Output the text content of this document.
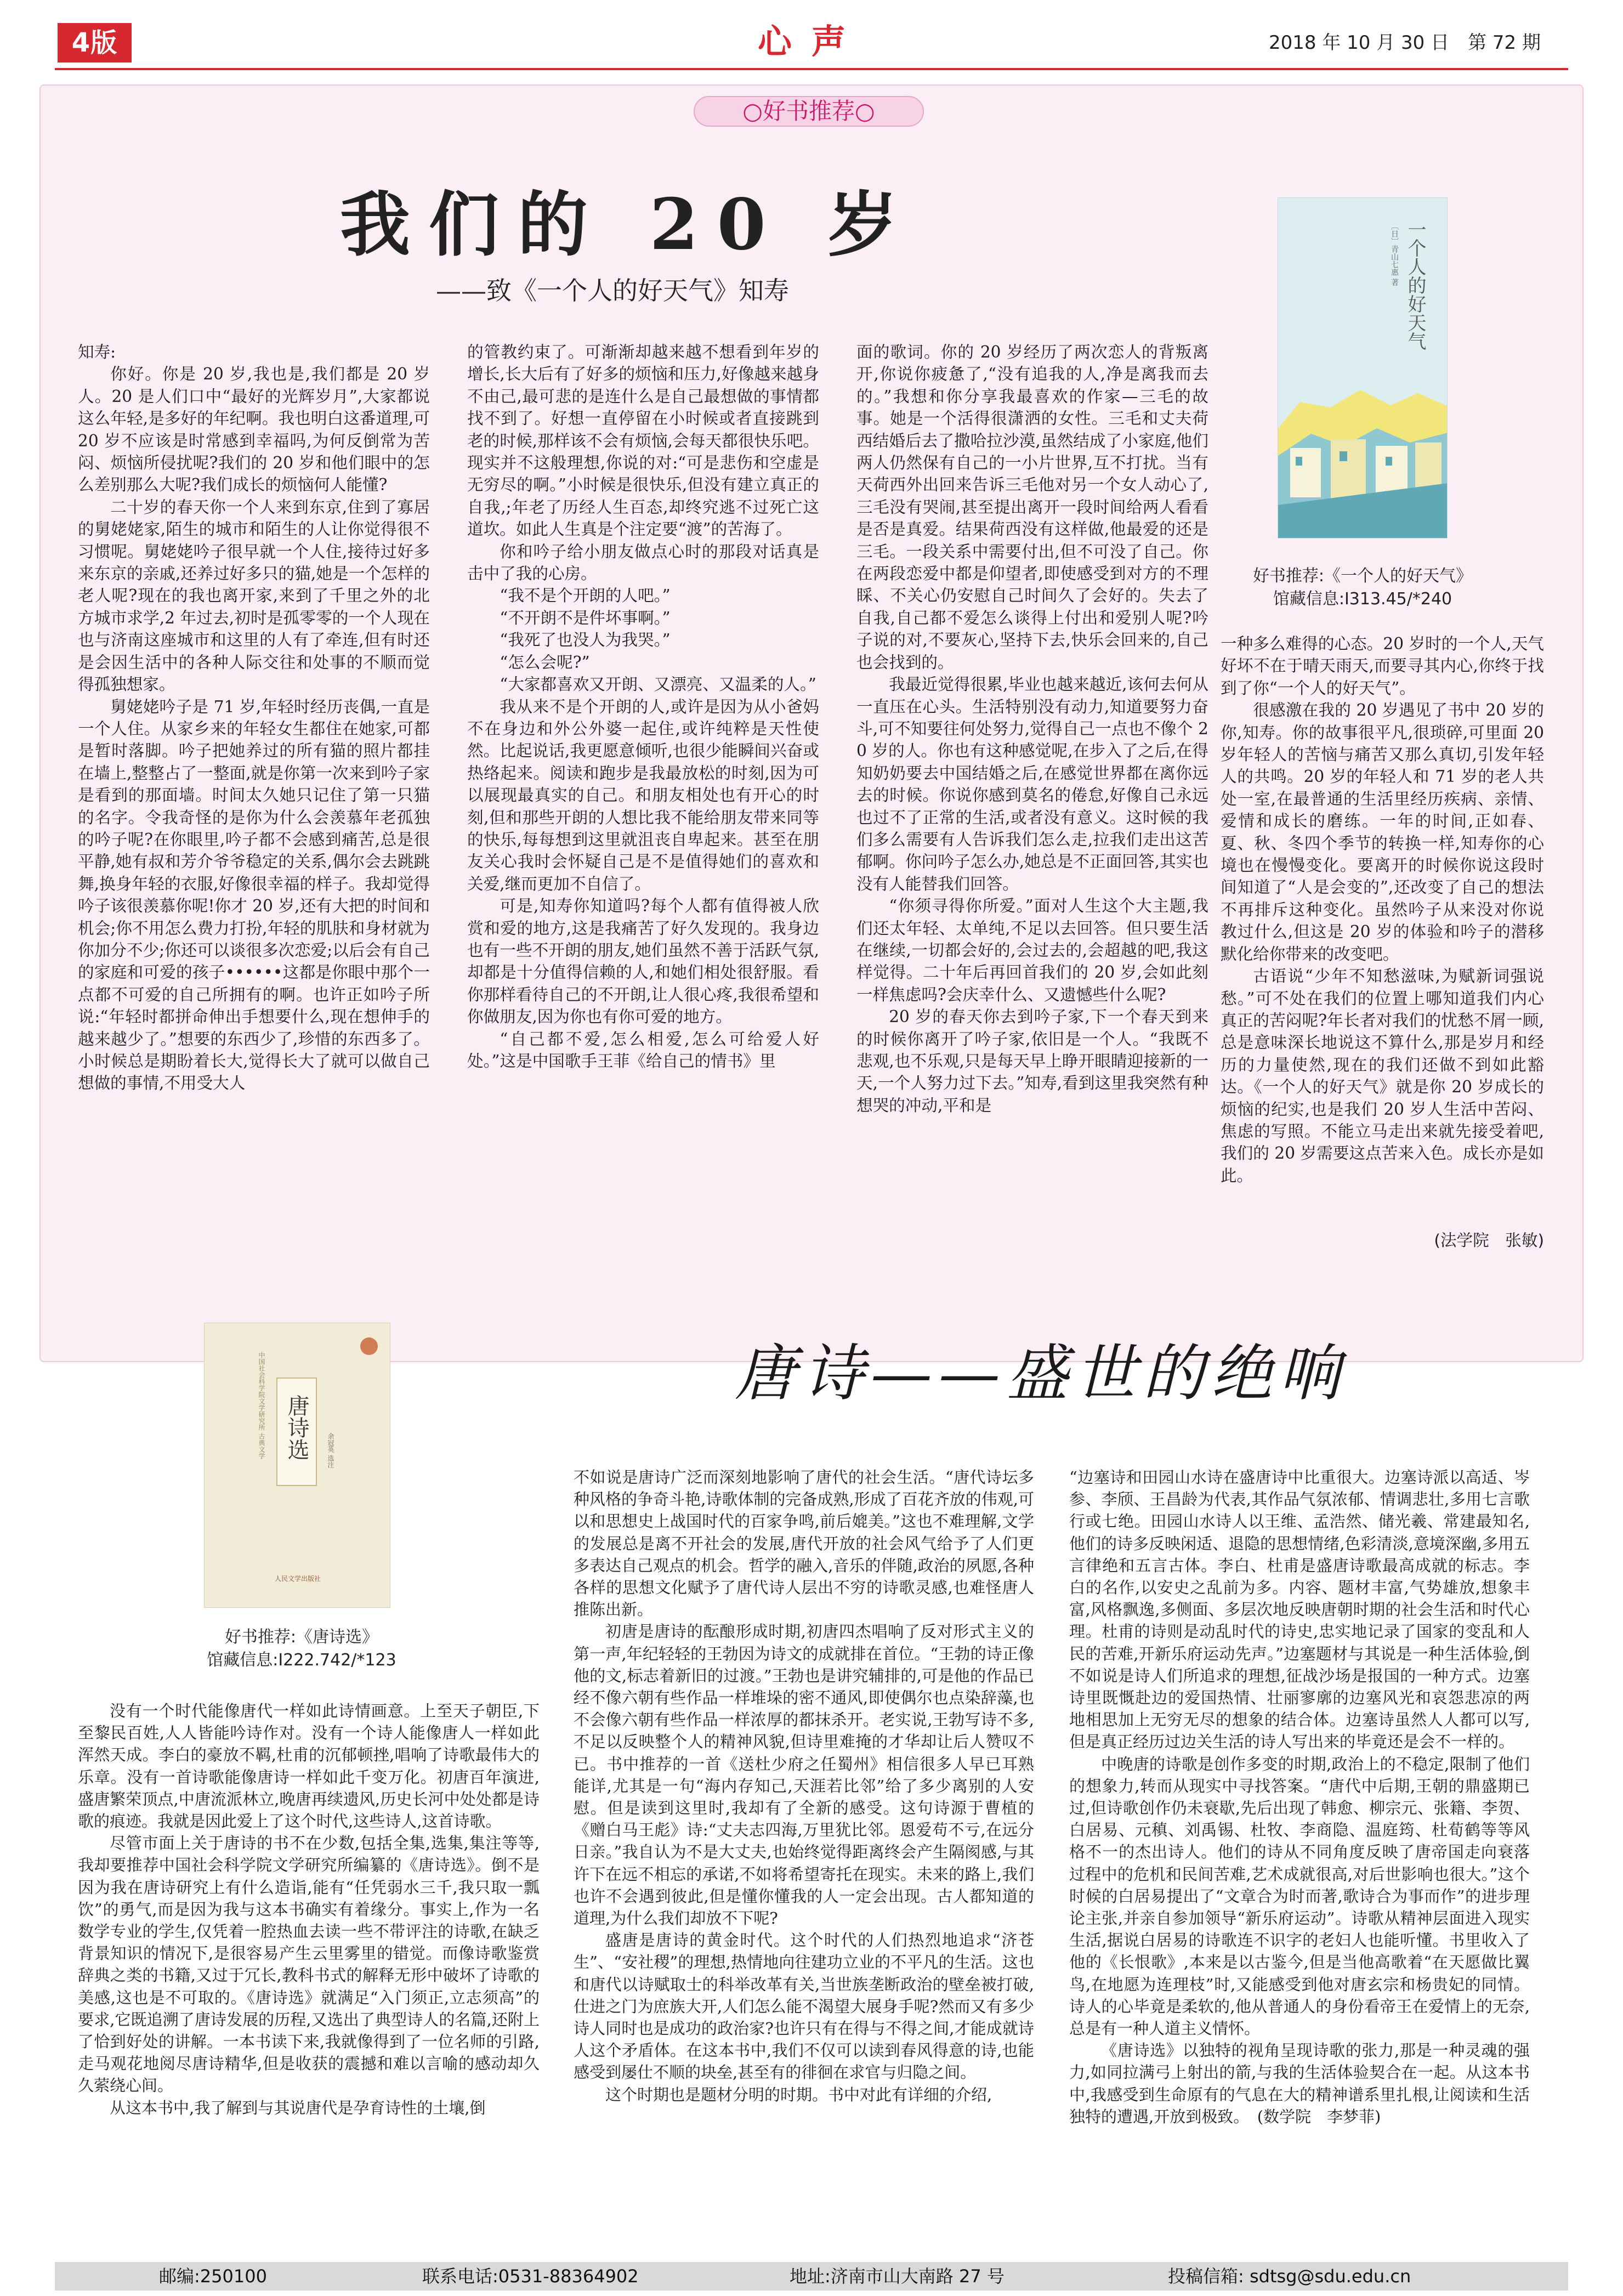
4版	心声	2018 年 10 月 30 日　第 72 期
○好书推荐○
我们的 20 岁
——致《一个人的好天气》知寿

知寿:

你好。你是 20 岁,我也是,我们都是 20 岁人。20 是人们口中“最好的光辉岁月”,大家都说这么年轻,是多好的年纪啊。我也明白这番道理,可 20 岁不应该是时常感到幸福吗,为何反倒常为苦闷、烦恼所侵扰呢?我们的 20 岁和他们眼中的怎么差别那么大呢?我们成长的烦恼何人能懂?

二十岁的春天你一个人来到东京,住到了寡居的舅姥姥家,陌生的城市和陌生的人让你觉得很不习惯呢。舅姥姥吟子很早就一个人住,接待过好多来东京的亲戚,还养过好多只的猫,她是一个怎样的老人呢?现在的我也离开家,来到了千里之外的北方城市求学,2 年过去,初时是孤零零的一个人现在也与济南这座城市和这里的人有了牵连,但有时还是会因生活中的各种人际交往和处事的不顺而觉得孤独想家。

舅姥姥吟子是 71 岁,年轻时经历丧偶,一直是一个人住。从家乡来的年轻女生都住在她家,可都是暂时落脚。吟子把她养过的所有猫的照片都挂在墙上,整整占了一整面,就是你第一次来到吟子家是看到的那面墙。时间太久她只记住了第一只猫的名字。令我奇怪的是你为什么会羡慕年老孤独的吟子呢?在你眼里,吟子都不会感到痛苦,总是很平静,她有叔和芳介爷爷稳定的关系,偶尔会去跳跳舞,换身年轻的衣服,好像很幸福的样子。我却觉得吟子该很羡慕你呢!你才 20 岁,还有大把的时间和机会;你不用怎么费力打扮,年轻的肌肤和身材就为你加分不少;你还可以谈很多次恋爱;以后会有自己的家庭和可爱的孩子••••••这都是你眼中那个一点都不可爱的自己所拥有的啊。也许正如吟子所说:“年轻时都拼命伸出手想要什么,现在想伸手的越来越少了。”想要的东西少了,珍惜的东西多了。小时候总是期盼着长大,觉得长大了就可以做自己想做的事情,不用受大人

的管教约束了。可渐渐却越来越不想看到年岁的增长,长大后有了好多的烦恼和压力,好像越来越身不由己,最可悲的是连什么是自己最想做的事情都找不到了。好想一直停留在小时候或者直接跳到老的时候,那样该不会有烦恼,会每天都很快乐吧。现实并不这般理想,你说的对:“可是悲伤和空虚是无穷尽的啊。”小时候是很快乐,但没有建立真正的自我,;年老了历经人生百态,却终究逃不过死亡这道坎。如此人生真是个注定要“渡”的苦海了。

你和吟子给小朋友做点心时的那段对话真是击中了我的心房。

“我不是个开朗的人吧。”

“不开朗不是件坏事啊。”

“我死了也没人为我哭。”

“怎么会呢?”

“大家都喜欢又开朗、又漂亮、又温柔的人。”

我从来不是个开朗的人,或许是因为从小爸妈不在身边和外公外婆一起住,或许纯粹是天性使然。比起说话,我更愿意倾听,也很少能瞬间兴奋或热络起来。阅读和跑步是我最放松的时刻,因为可以展现最真实的自己。和朋友相处也有开心的时刻,但和那些开朗的人想比我不能给朋友带来同等的快乐,每每想到这里就沮丧自卑起来。甚至在朋友关心我时会怀疑自己是不是值得她们的喜欢和关爱,继而更加不自信了。

可是,知寿你知道吗?每个人都有值得被人欣赏和爱的地方,这是我痛苦了好久发现的。我身边也有一些不开朗的朋友,她们虽然不善于活跃气氛,却都是十分值得信赖的人,和她们相处很舒服。看你那样看待自己的不开朗,让人很心疼,我很希望和你做朋友,因为你也有你可爱的地方。

“自己都不爱,怎么相爱,怎么可给爱人好处。”这是中国歌手王菲《给自己的情书》里

面的歌词。你的 20 岁经历了两次恋人的背叛离开,你说你疲惫了,“没有追我的人,净是离我而去的。”我想和你分享我最喜欢的作家—三毛的故事。她是一个活得很潇洒的女性。三毛和丈夫荷西结婚后去了撒哈拉沙漠,虽然结成了小家庭,他们两人仍然保有自己的一小片世界,互不打扰。当有天荷西外出回来告诉三毛他对另一个女人动心了,三毛没有哭闹,甚至提出离开一段时间给两人看看是否是真爱。结果荷西没有这样做,他最爱的还是三毛。一段关系中需要付出,但不可没了自己。你在两段恋爱中都是仰望者,即使感受到对方的不理睬、不关心仍安慰自己时间久了会好的。失去了自我,自己都不爱怎么谈得上付出和爱别人呢?吟子说的对,不要灰心,坚持下去,快乐会回来的,自己也会找到的。

我最近觉得很累,毕业也越来越近,该何去何从一直压在心头。生活特别没有动力,知道要努力奋斗,可不知要往何处努力,觉得自己一点也不像个 20 岁的人。你也有这种感觉呢,在步入了之后,在得知奶奶要去中国结婚之后,在感觉世界都在离你远去的时候。你说你感到莫名的倦怠,好像自己永远也过不了正常的生活,或者没有意义。这时候的我们多么需要有人告诉我们怎么走,拉我们走出这苦郁啊。你问吟子怎么办,她总是不正面回答,其实也没有人能替我们回答。

“你须寻得你所爱。”面对人生这个大主题,我们还太年轻、太单纯,不足以去回答。但只要生活在继续,一切都会好的,会过去的,会超越的吧,我这样觉得。二十年后再回首我们的 20 岁,会如此刻一样焦虑吗?会庆幸什么、又遗憾些什么呢?

20 岁的春天你去到吟子家,下一个春天到来的时候你离开了吟子家,依旧是一个人。“我既不悲观,也不乐观,只是每天早上睁开眼睛迎接新的一天,一个人努力过下去。”知寿,看到这里我突然有种想哭的冲动,平和是

一种多么难得的心态。20 岁时的一个人,天气好坏不在于晴天雨天,而要寻其内心,你终于找到了你“一个人的好天气”。

很感激在我的 20 岁遇见了书中 20 岁的你,知寿。你的故事很平凡,很琐碎,可里面 20 岁年轻人的苦恼与痛苦又那么真切,引发年轻人的共鸣。20 岁的年轻人和 71 岁的老人共处一室,在最普通的生活里经历疾病、亲情、爱情和成长的磨练。一年的时间,正如春、夏、秋、冬四个季节的转换一样,知寿你的心境也在慢慢变化。要离开的时候你说这段时间知道了“人是会变的”,还改变了自己的想法不再排斥这种变化。虽然吟子从来没对你说教过什么,但这是 20 岁的体验和吟子的潜移默化给你带来的改变吧。

古语说“少年不知愁滋味,为赋新词强说愁。”可不处在我们的位置上哪知道我们内心真正的苦闷呢?年长者对我们的忧愁不屑一顾,总是意味深长地说这不算什么,那是岁月和经历的力量使然,现在的我们还做不到如此豁达。《一个人的好天气》就是你 20 岁成长的烦恼的纪实,也是我们 20 岁人生活中苦闷、焦虑的写照。不能立马走出来就先接受着吧,我们的 20 岁需要这点苦来入色。成长亦是如此。

(法学院　张敏)
一个人的好天气
〔日〕青山七惠 著
好书推荐:《一个人的好天气》
馆藏信息:I313.45/*240
唐诗选
中国社会科学院文学研究所 古典文学	余冠英 选注
人民文学出版社
好书推荐:《唐诗选》
馆藏信息:I222.742/*123
唐诗——盛世的绝响

没有一个时代能像唐代一样如此诗情画意。上至天子朝臣,下至黎民百姓,人人皆能吟诗作对。没有一个诗人能像唐人一样如此浑然天成。李白的豪放不羁,杜甫的沉郁顿挫,唱响了诗歌最伟大的乐章。没有一首诗歌能像唐诗一样如此千变万化。初唐百年演进,盛唐繁荣顶点,中唐流派林立,晚唐再续遗风,历史长河中处处都是诗歌的痕迹。我就是因此爱上了这个时代,这些诗人,这首诗歌。

尽管市面上关于唐诗的书不在少数,包括全集,选集,集注等等,我却要推荐中国社会科学院文学研究所编纂的《唐诗选》。倒不是因为我在唐诗研究上有什么造诣,能有“任凭弱水三千,我只取一瓢饮”的勇气,而是因为我与这本书确实有着缘分。事实上,作为一名数学专业的学生,仅凭着一腔热血去读一些不带评注的诗歌,在缺乏背景知识的情况下,是很容易产生云里雾里的错觉。而像诗歌鉴赏辞典之类的书籍,又过于冗长,教科书式的解释无形中破坏了诗歌的美感,这也是不可取的。《唐诗选》就满足“入门须正,立志须高”的要求,它既追溯了唐诗发展的历程,又选出了典型诗人的名篇,还附上了恰到好处的讲解。一本书读下来,我就像得到了一位名师的引路,走马观花地阅尽唐诗精华,但是收获的震撼和难以言喻的感动却久久萦绕心间。

从这本书中,我了解到与其说唐代是孕育诗性的土壤,倒

不如说是唐诗广泛而深刻地影响了唐代的社会生活。“唐代诗坛多种风格的争奇斗艳,诗歌体制的完备成熟,形成了百花齐放的伟观,可以和思想史上战国时代的百家争鸣,前后媲美。”这也不难理解,文学的发展总是离不开社会的发展,唐代开放的社会风气给予了人们更多表达自己观点的机会。哲学的融入,音乐的伴随,政治的夙愿,各种各样的思想文化赋予了唐代诗人层出不穷的诗歌灵感,也难怪唐人推陈出新。

初唐是唐诗的酝酿形成时期,初唐四杰唱响了反对形式主义的第一声,年纪轻轻的王勃因为诗文的成就排在首位。“王勃的诗正像他的文,标志着新旧的过渡。”王勃也是讲究辅排的,可是他的作品已经不像六朝有些作品一样堆垛的密不通风,即使偶尔也点染辞藻,也不会像六朝有些作品一样浓厚的都抹杀开。老实说,王勃写诗不多,不足以反映整个人的精神风貌,但诗里难掩的才华却让后人赞叹不已。书中推荐的一首《送杜少府之任蜀州》相信很多人早已耳熟能详,尤其是一句“海内存知己,天涯若比邻”给了多少离别的人安慰。但是读到这里时,我却有了全新的感受。这句诗源于曹植的《赠白马王彪》诗:“丈夫志四海,万里犹比邻。恩爱苟不亏,在远分日亲。”我自认为不是大丈夫,也始终觉得距离终会产生隔阂感,与其许下在远不相忘的承诺,不如将希望寄托在现实。未来的路上,我们也许不会遇到彼此,但是懂你懂我的人一定会出现。古人都知道的道理,为什么我们却放不下呢?

盛唐是唐诗的黄金时代。这个时代的人们热烈地追求“济苍生”、“安社稷”的理想,热情地向往建功立业的不平凡的生活。这也和唐代以诗赋取士的科举改革有关,当世族垄断政治的壁垒被打破,仕进之门为庶族大开,人们怎么能不渴望大展身手呢?然而又有多少诗人同时也是成功的政治家?也许只有在得与不得之间,才能成就诗人这个矛盾体。在这本书中,我们不仅可以读到春风得意的诗,也能感受到屡仕不顺的块垒,甚至有的徘徊在求官与归隐之间。

这个时期也是题材分明的时期。书中对此有详细的介绍,

“边塞诗和田园山水诗在盛唐诗中比重很大。边塞诗派以高适、岑参、李颀、王昌龄为代表,其作品气氛浓郁、情调悲壮,多用七言歌行或七绝。田园山水诗人以王维、孟浩然、储光羲、常建最知名,他们的诗多反映闲适、退隐的思想情绪,色彩清淡,意境深幽,多用五言律绝和五言古体。李白、杜甫是盛唐诗歌最高成就的标志。李白的名作,以安史之乱前为多。内容、题材丰富,气势雄放,想象丰富,风格飘逸,多侧面、多层次地反映唐朝时期的社会生活和时代心理。杜甫的诗则是动乱时代的诗史,忠实地记录了国家的变乱和人民的苦难,开新乐府运动先声。”边塞题材与其说是一种生活体验,倒不如说是诗人们所追求的理想,征战沙场是报国的一种方式。边塞诗里既慨赴边的爱国热情、壮丽寥廓的边塞风光和哀怨悲凉的两地相思加上无穷无尽的想象的结合体。边塞诗虽然人人都可以写,但是真正经历过边关生活的诗人写出来的毕竟还是会不一样的。

中晚唐的诗歌是创作多变的时期,政治上的不稳定,限制了他们的想象力,转而从现实中寻找答案。“唐代中后期,王朝的鼎盛期已过,但诗歌创作仍未衰歇,先后出现了韩愈、柳宗元、张籍、李贺、白居易、元稹、刘禹锡、杜牧、李商隐、温庭筠、杜荀鹤等等风格不一的杰出诗人。他们的诗从不同角度反映了唐帝国走向衰落过程中的危机和民间苦难,艺术成就很高,对后世影响也很大。”这个时候的白居易提出了“文章合为时而著,歌诗合为事而作”的进步理论主张,并亲自参加领导“新乐府运动”。诗歌从精神层面进入现实生活,据说白居易的诗歌连不识字的老妇人也能听懂。书里收入了他的《长恨歌》,本来是以古鉴今,但是当他高歌着“在天愿做比翼鸟,在地愿为连理枝”时,又能感受到他对唐玄宗和杨贵妃的同情。诗人的心毕竟是柔软的,他从普通人的身份看帝王在爱情上的无奈,总是有一种人道主义情怀。

《唐诗选》以独特的视角呈现诗歌的张力,那是一种灵魂的强力,如同拉满弓上射出的箭,与我的生活体验契合在一起。从这本书中,我感受到生命原有的气息在大的精神谱系里扎根,让阅读和生活独特的遭遇,开放到极致。　(数学院　李梦菲)

邮编:250100	联系电话:0531-88364902	地址:济南市山大南路 27 号	投稿信箱: sdtsg@sdu.edu.cn
